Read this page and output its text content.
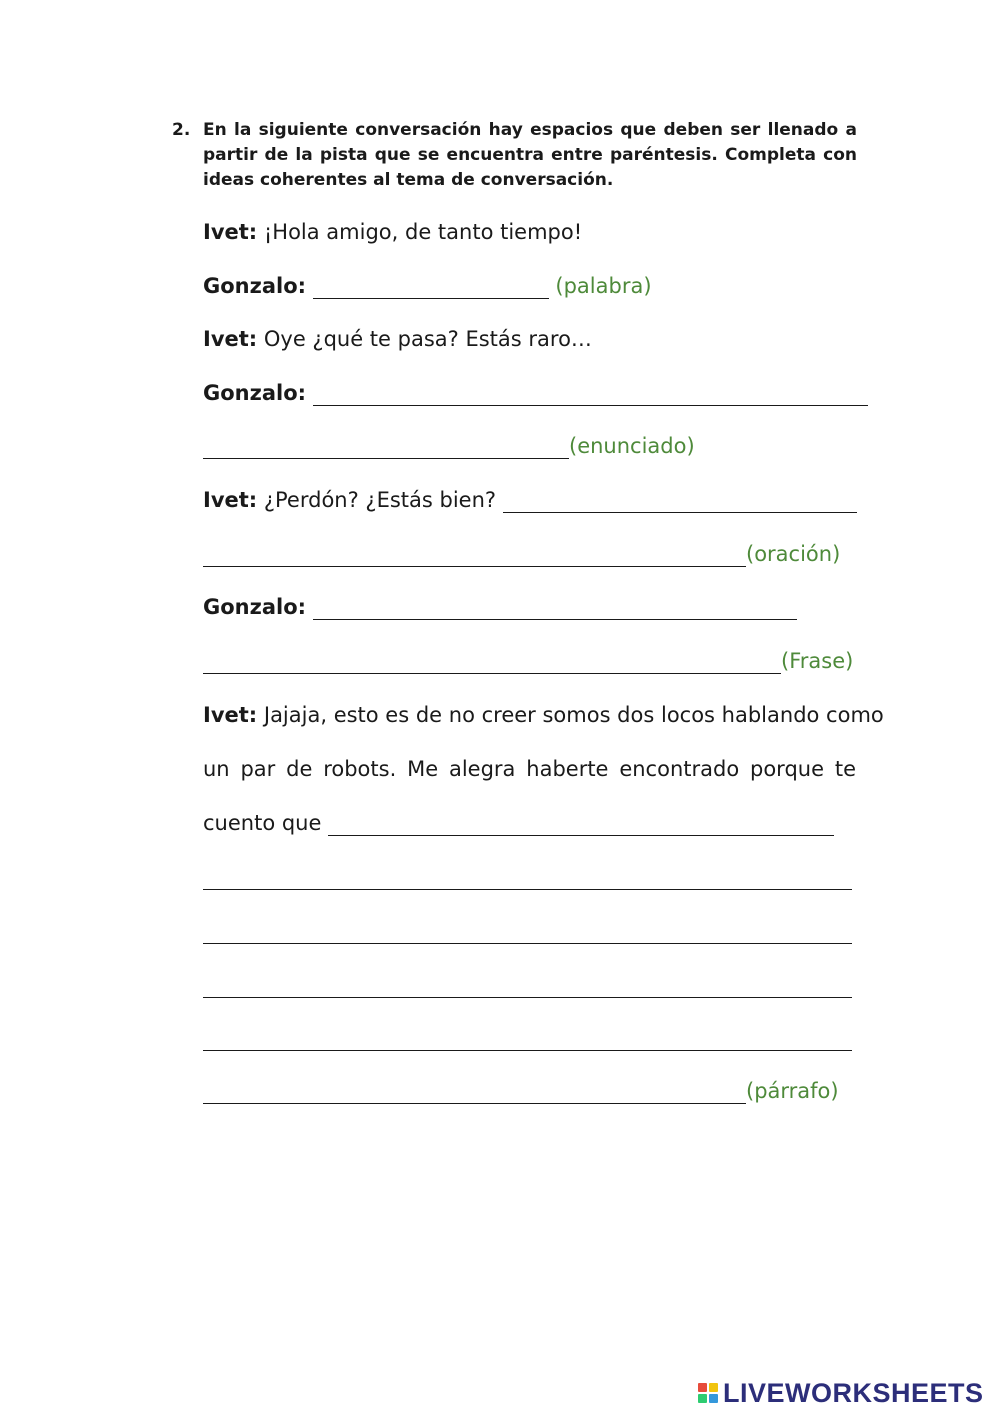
2. En la siguiente conversación hay espacios que deben ser llenado a partir de la pista que se encuentra entre paréntesis. Completa con ideas coherentes al tema de conversación.
Ivet: ¡Hola amigo, de tanto tiempo!
Gonzalo:	(palabra)
Ivet: Oye ¿qué te pasa? Estás raro…
Gonzalo:
(enunciado)
Ivet: ¿Perdón? ¿Estás bien?
(oración)
Gonzalo:
(Frase)
Ivet: Jajaja, esto es de no creer somos dos locos hablando como
un par de robots. Me alegra haberte encontrado porque te
cuento que
(párrafo)
LIVEWORKSHEETS
